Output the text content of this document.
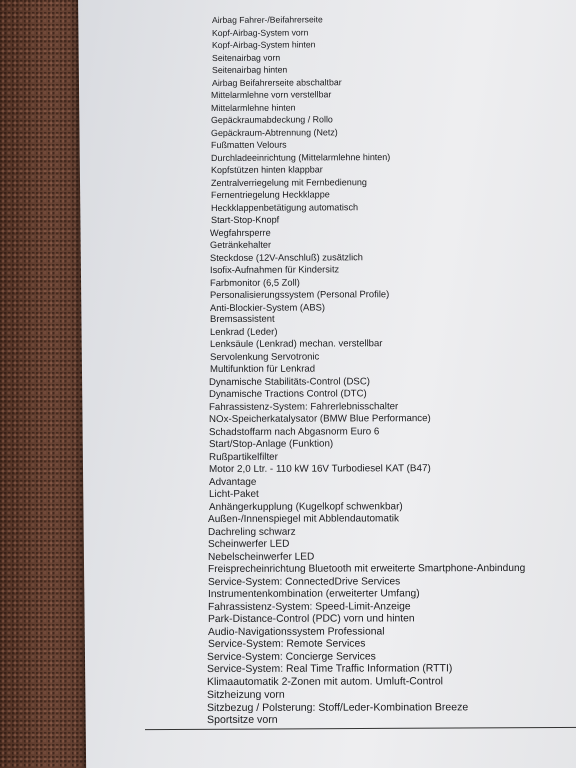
Airbag Fahrer-/Beifahrerseite
Kopf-Airbag-System vorn
Kopf-Airbag-System hinten
Seitenairbag vorn
Seitenairbag hinten
Airbag Beifahrerseite abschaltbar
Mittelarmlehne vorn verstellbar
Mittelarmlehne hinten
Gepäckraumabdeckung / Rollo
Gepäckraum-Abtrennung (Netz)
Fußmatten Velours
Durchladeeinrichtung (Mittelarmlehne hinten)
Kopfstützen hinten klappbar
Zentralverriegelung mit Fernbedienung
Fernentriegelung Heckklappe
Heckklappenbetätigung automatisch
Start-Stop-Knopf
Wegfahrsperre
Getränkehalter
Steckdose (12V-Anschluß) zusätzlich
Isofix-Aufnahmen für Kindersitz
Farbmonitor (6,5 Zoll)
Personalisierungssystem (Personal Profile)
Anti-Blockier-System (ABS)
Bremsassistent
Lenkrad (Leder)
Lenksäule (Lenkrad) mechan. verstellbar
Servolenkung Servotronic
Multifunktion für Lenkrad
Dynamische Stabilitäts-Control (DSC)
Dynamische Tractions Control (DTC)
Fahrassistenz-System: Fahrerlebnisschalter
NOx-Speicherkatalysator (BMW Blue Performance)
Schadstoffarm nach Abgasnorm Euro 6
Start/Stop-Anlage (Funktion)
Rußpartikelfilter
Motor 2,0 Ltr. - 110 kW 16V Turbodiesel KAT (B47)
Advantage
Licht-Paket
Anhängerkupplung (Kugelkopf schwenkbar)
Außen-/Innenspiegel mit Abblendautomatik
Dachreling schwarz
Scheinwerfer LED
Nebelscheinwerfer LED
Freisprecheinrichtung Bluetooth mit erweiterte Smartphone-Anbindung
Service-System: ConnectedDrive Services
Instrumentenkombination (erweiterter Umfang)
Fahrassistenz-System: Speed-Limit-Anzeige
Park-Distance-Control (PDC) vorn und hinten
Audio-Navigationssystem Professional
Service-System: Remote Services
Service-System: Concierge Services
Service-System: Real Time Traffic Information (RTTI)
Klimaautomatik 2-Zonen mit autom. Umluft-Control
Sitzheizung vorn
Sitzbezug / Polsterung: Stoff/Leder-Kombination Breeze
Sportsitze vorn
